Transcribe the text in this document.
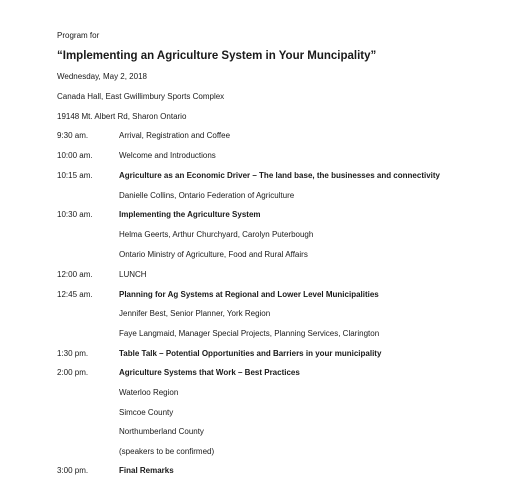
Program for
“Implementing an Agriculture System in Your Muncipality”
Wednesday, May 2, 2018
Canada Hall, East Gwillimbury Sports Complex
19148 Mt. Albert Rd, Sharon Ontario
9:30 am.	Arrival, Registration and Coffee
10:00 am.	Welcome and Introductions
10:15 am.	Agriculture as an Economic Driver – The land base, the businesses and connectivity
Danielle Collins, Ontario Federation of Agriculture
10:30 am.	Implementing the Agriculture System
Helma Geerts, Arthur Churchyard, Carolyn Puterbough
Ontario Ministry of Agriculture, Food and Rural Affairs
12:00 am.	LUNCH
12:45 am.	Planning for Ag Systems at Regional and Lower Level Municipalities
Jennifer Best, Senior Planner, York Region
Faye Langmaid, Manager Special Projects, Planning Services, Clarington
1:30 pm.	Table Talk – Potential Opportunities and Barriers in your municipality
2:00 pm.	Agriculture Systems that Work – Best Practices
Waterloo Region
Simcoe County
Northumberland County
(speakers to be confirmed)
3:00 pm.	Final Remarks
